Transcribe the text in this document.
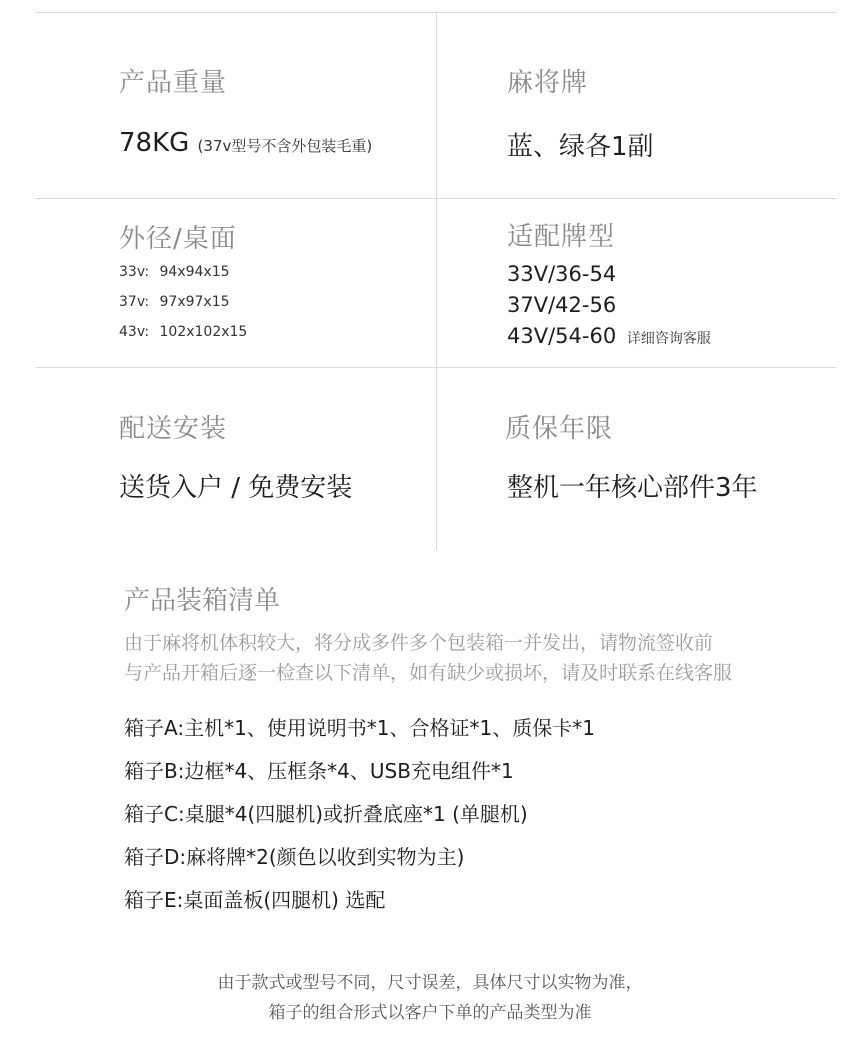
产品重量
78KG (37v型号不含外包装毛重)
麻将牌
蓝、绿各1副
外径/桌面
33v: 94x94x15
37v: 97x97x15
43v: 102x102x15
适配牌型
33V/36-54
37V/42-56
43V/54-60 详细咨询客服
配送安装
送货入户 / 免费安装
质保年限
整机一年核心部件3年
产品装箱清单
由于麻将机体积较大，将分成多件多个包装箱一并发出，请物流签收前
与产品开箱后逐一检查以下清单，如有缺少或损坏，请及时联系在线客服
箱子A:主机*1、使用说明书*1、合格证*1、质保卡*1
箱子B:边框*4、压框条*4、USB充电组件*1
箱子C:桌腿*4(四腿机)或折叠底座*1 (单腿机)
箱子D:麻将牌*2(颜色以收到实物为主)
箱子E:桌面盖板(四腿机) 选配
由于款式或型号不同，尺寸误差，具体尺寸以实物为准，
箱子的组合形式以客户下单的产品类型为准
